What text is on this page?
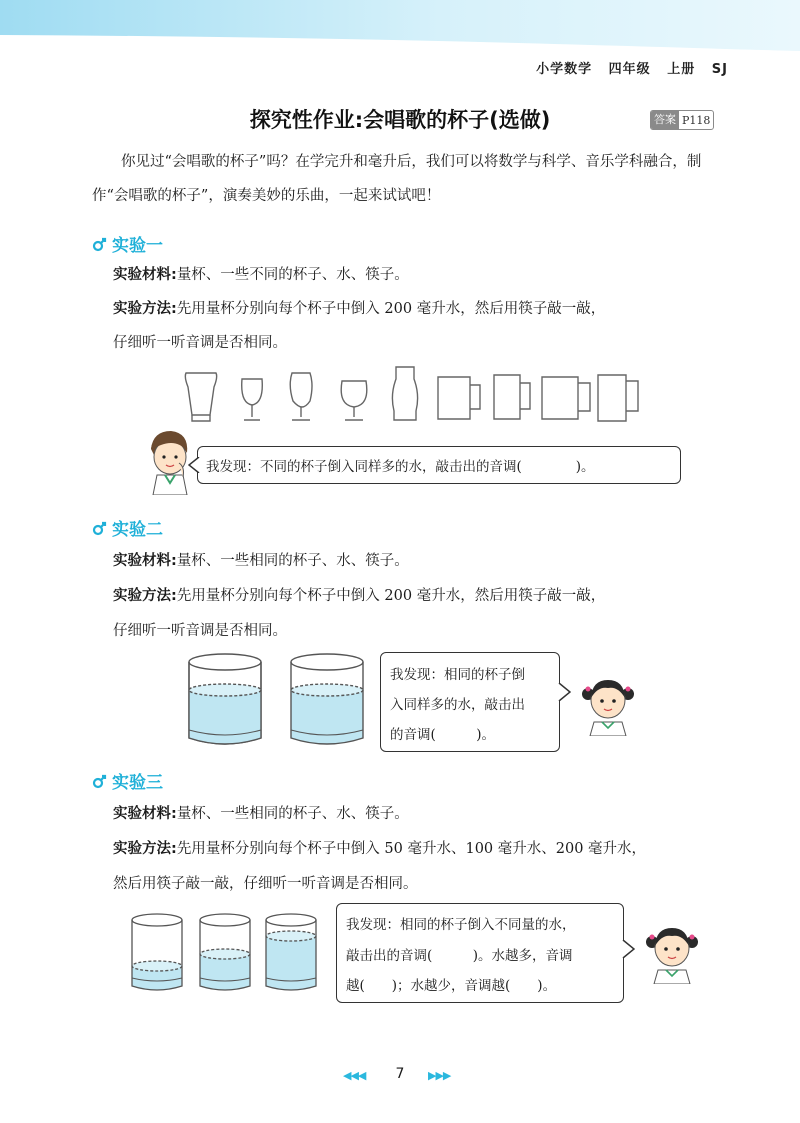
小学数学   四年级   上册   SJ
探究性作业:会唱歌的杯子(选做)	答案 P118
你见过“会唱歌的杯子”吗？在学完升和毫升后，我们可以将数学与科学、音乐学科融合，制作“会唱歌的杯子”，演奏美妙的乐曲，一起来试试吧！
实验一
实验材料:量杯、一些不同的杯子、水、筷子。
实验方法:先用量杯分别向每个杯子中倒入 200 毫升水，然后用筷子敲一敲，
仔细听一听音调是否相同。
我发现：不同的杯子倒入同样多的水，敲击出的音调(　　　　)。
实验二
实验材料:量杯、一些相同的杯子、水、筷子。
实验方法:先用量杯分别向每个杯子中倒入 200 毫升水，然后用筷子敲一敲，
仔细听一听音调是否相同。
我发现：相同的杯子倒
入同样多的水，敲击出
的音调(　　　)。
实验三
实验材料:量杯、一些相同的杯子、水、筷子。
实验方法:先用量杯分别向每个杯子中倒入 50 毫升水、100 毫升水、200 毫升水，
然后用筷子敲一敲，仔细听一听音调是否相同。
我发现：相同的杯子倒入不同量的水，
敲击出的音调(　　　)。水越多，音调
越(　　)；水越少，音调越(　　)。
◀◀◀	7	▶▶▶
